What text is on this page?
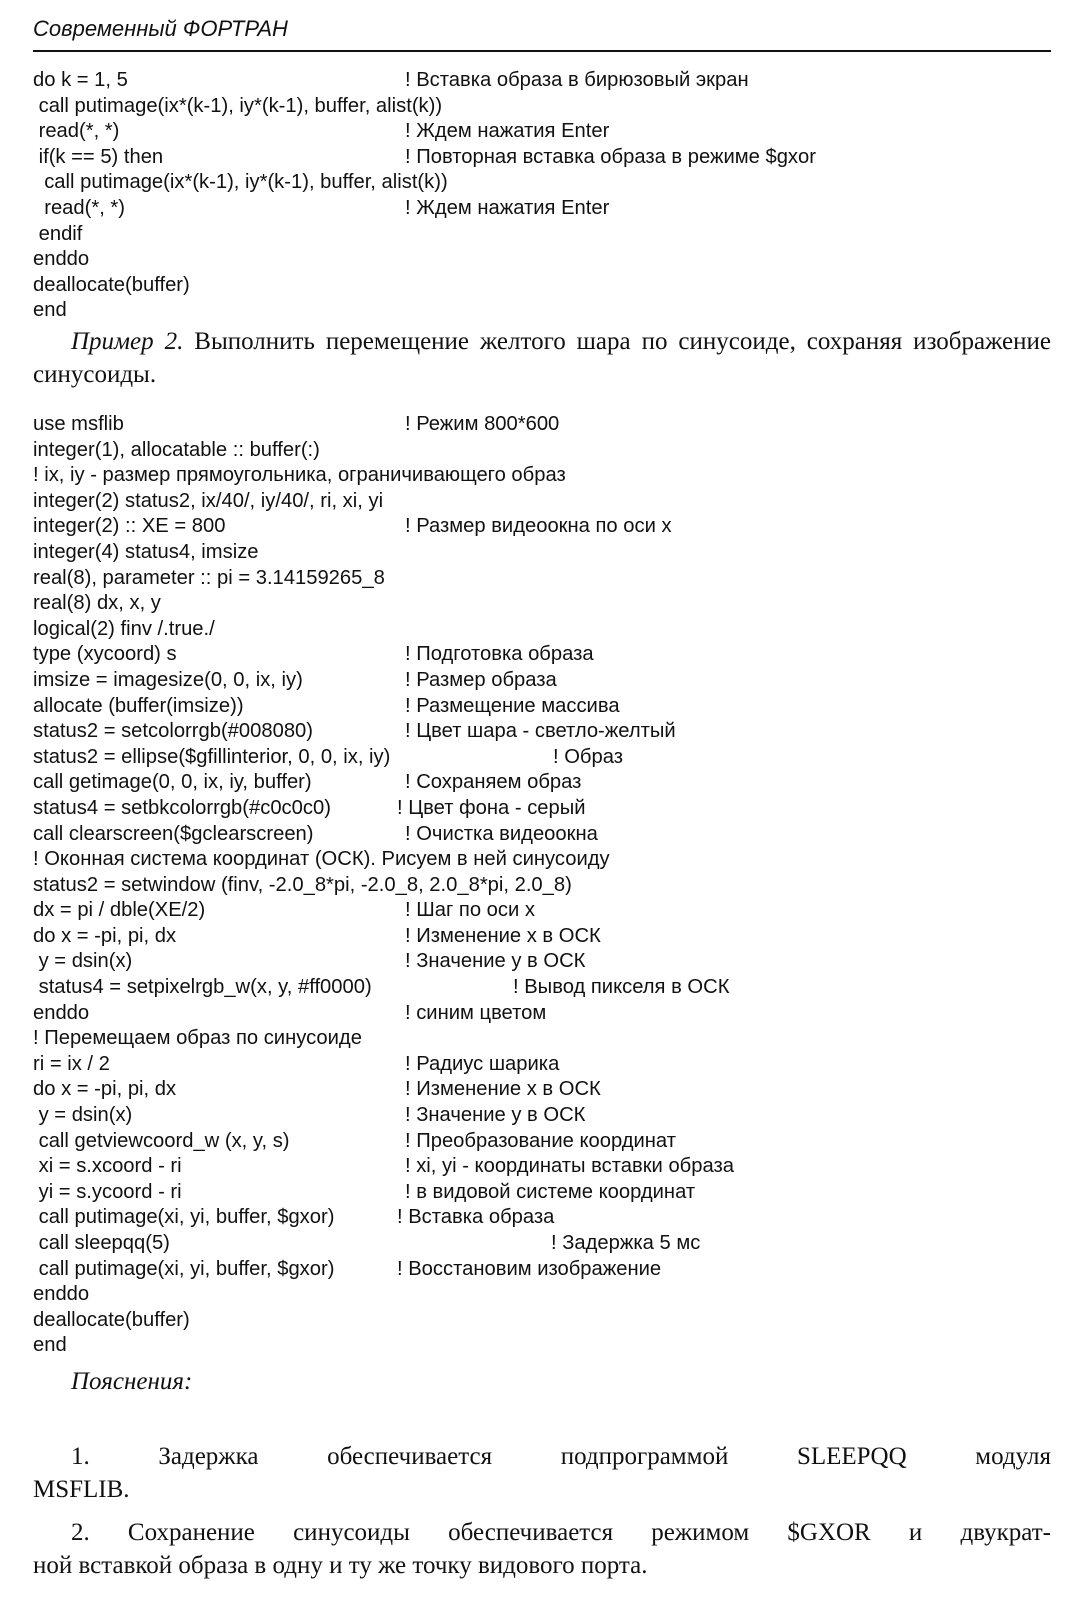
Современный ФОРТРАН
do k = 1, 5	! Вставка образа в бирюзовый экран
call putimage(ix*(k-1), iy*(k-1), buffer, alist(k))
read(*, *)	! Ждем нажатия Enter
if(k == 5) then	! Повторная вставка образа в режиме $gxor
call putimage(ix*(k-1), iy*(k-1), buffer, alist(k))
read(*, *)	! Ждем нажатия Enter
endif
enddo
deallocate(buffer)
end

Пример 2. Выполнить перемещение желтого шара по синусоиде, сохраняя изображение синусоиды.

use msflib	! Режим 800*600
integer(1), allocatable :: buffer(:)
! ix, iy - размер прямоугольника, ограничивающего образ
integer(2) status2, ix/40/, iy/40/, ri, xi, yi
integer(2) :: XE = 800	! Размер видеоокна по оси x
integer(4) status4, imsize
real(8), parameter :: pi = 3.14159265_8
real(8) dx, x, y
logical(2) finv /.true./
type (xycoord) s	! Подготовка образа
imsize = imagesize(0, 0, ix, iy)	! Размер образа
allocate (buffer(imsize))	! Размещение массива
status2 = setcolorrgb(#008080)	! Цвет шара - светло-желтый
status2 = ellipse($gfillinterior, 0, 0, ix, iy)	! Образ
call getimage(0, 0, ix, iy, buffer)	! Сохраняем образ
status4 = setbkcolorrgb(#c0c0c0)	! Цвет фона - серый
call clearscreen($gclearscreen)	! Очистка видеоокна
! Оконная система координат (ОСК). Рисуем в ней синусоиду
status2 = setwindow (finv, -2.0_8*pi, -2.0_8, 2.0_8*pi, 2.0_8)
dx = pi / dble(XE/2)	! Шаг по оси x
do x = -pi, pi, dx	! Изменение x в ОСК
y = dsin(x)	! Значение y в ОСК
status4 = setpixelrgb_w(x, y, #ff0000)	! Вывод пикселя в ОСК
enddo	! синим цветом
! Перемещаем образ по синусоиде
ri = ix / 2	! Радиус шарика
do x = -pi, pi, dx	! Изменение x в ОСК
y = dsin(x)	! Значение y в ОСК
call getviewcoord_w (x, y, s)	! Преобразование координат
xi = s.xcoord - ri	! xi, yi - координаты вставки образа
yi = s.ycoord - ri	! в видовой системе координат
call putimage(xi, yi, buffer, $gxor)	! Вставка образа
call sleepqq(5)	! Задержка 5 мс
call putimage(xi, yi, buffer, $gxor)	! Восстановим изображение
enddo
deallocate(buffer)
end

Пояснения:

1. Задержка обеспечивается подпрограммой SLEEPQQ модуля

MSFLIB.

2. Сохранение синусоиды обеспечивается режимом $GXOR и двукрат-

ной вставкой образа в одну и ту же точку видового порта.
